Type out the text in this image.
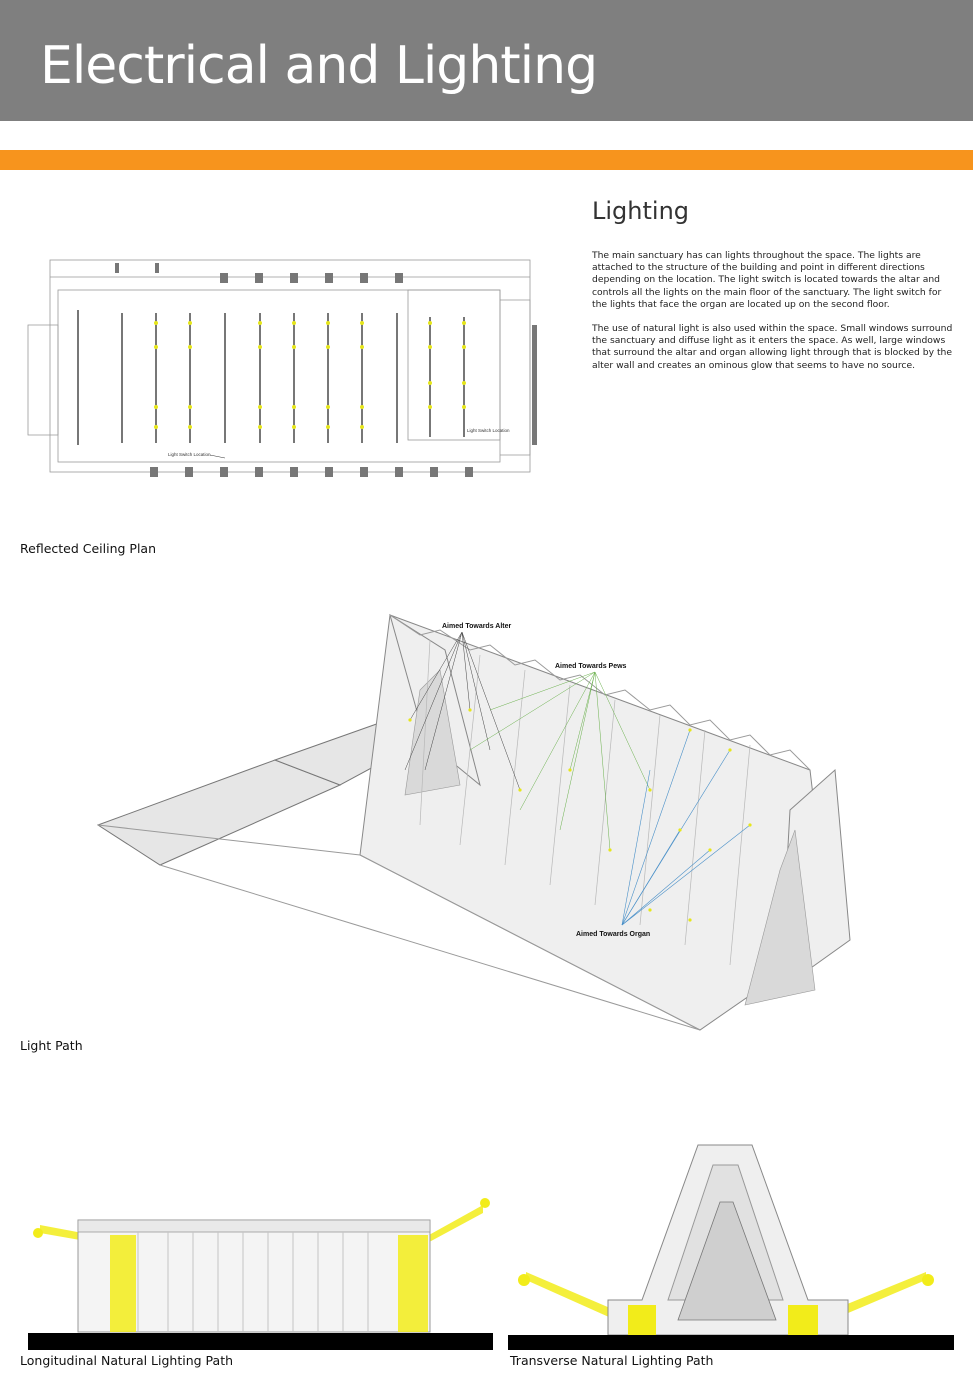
Electrical and Lighting
Lighting

The main sanctuary has can lights throughout the space. The lights are attached to the structure of the building and point in different directions depending on the location. The light switch is located towards the altar and controls all the lights on the main floor of the sanctuary. The light switch for the lights that face the organ are located up on the second floor.

The use of natural light is also used within the space. Small windows surround the sanctuary and diffuse light as it enters the space. As well, large windows that surround the altar and organ allowing light through that is blocked by the alter wall and creates an ominous glow that seems to have no source.

Light Switch Location
Light Switch Location
Reflected Ceiling Plan
Aimed Towards Alter
Aimed Towards Pews
Aimed Towards Organ
Light Path
Longitudinal Natural Lighting Path	Transverse Natural Lighting Path
